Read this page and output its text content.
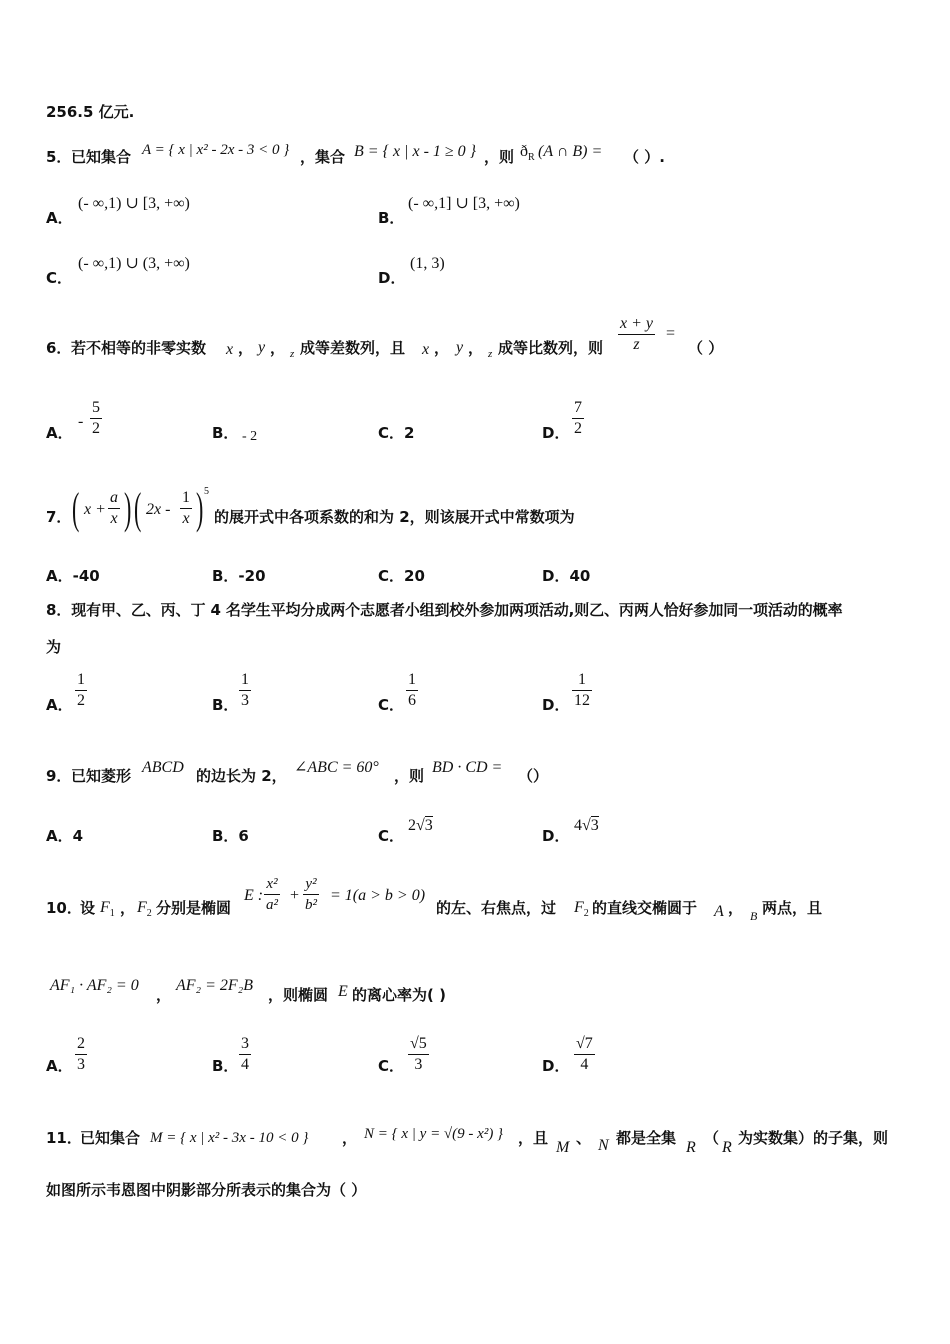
256.5 亿元.
5． 已知集合 A = { x | x² - 2x - 3 < 0 } ，集合 B = { x | x - 1 ≥ 0 } ，则 $ð_R$ (A ∩ B) = （ ）.
A．
(- ∞,1) ∪ [3, +∞)
B．
(- ∞,1] ∪ [3, +∞)
C．
(- ∞,1) ∪ (3, +∞)
D．
(1, 3)
6． 若不相等的非零实数 x ， y ， z 成等差数列，且 x ， y ， z 成等比数列，则 $\frac{x + y}{z}$ =
（ ）
A．
- $\frac{5}{2}$	B． - 2	C． 2	D． $\frac{7}{2}$
7． ( $x + \frac{a}{x}$ ) ( $2x - \frac{1}{x}$ ) 5
的展开式中各项系数的和为 2，则该展开式中常数项为
A．-40	B．-20	C．20	D．40
8．现有甲、乙、丙、丁 4 名学生平均分成两个志愿者小组到校外参加两项活动,则乙、丙两人恰好参加同一项活动的概率
为
A． $\frac{1}{2}$	B． $\frac{1}{3}$	C． $\frac{1}{6}$	D． $\frac{1}{12}$
9． 已知菱形 ABCD 的边长为 2， ∠ABC = 60° ，则 BD · CD = （）
A．4	B．6	C．
2√3
D．
4√3
10．
设 $F_1$ ， $F_2$ 分别是椭圆
E : $\frac{\text{x²}}{\text{a²}} + \frac{\text{y²}}{\text{b²}} = 1(a > b > 0)$
的左、右焦点，过 $F_2$ 的直线交椭圆于 A ， B 两点，且
AF₁ · AF₂ = 0
，
AF₂ = 2F₂B
，则椭圆 E 的离心率为( )
A． $\frac{2}{3}$	B． $\frac{3}{4}$	C． $\frac{√5}{3}$	D． $\frac{√7}{4}$
11．
已知集合 M = { x | x² - 3x - 10 < 0 } ， N = { x | y = √(9 - x²) } ，且
M
、 N 都是全集
R
（
R
为实数集）的子集，则
如图所示韦恩图中阴影部分所表示的集合为（ ）
